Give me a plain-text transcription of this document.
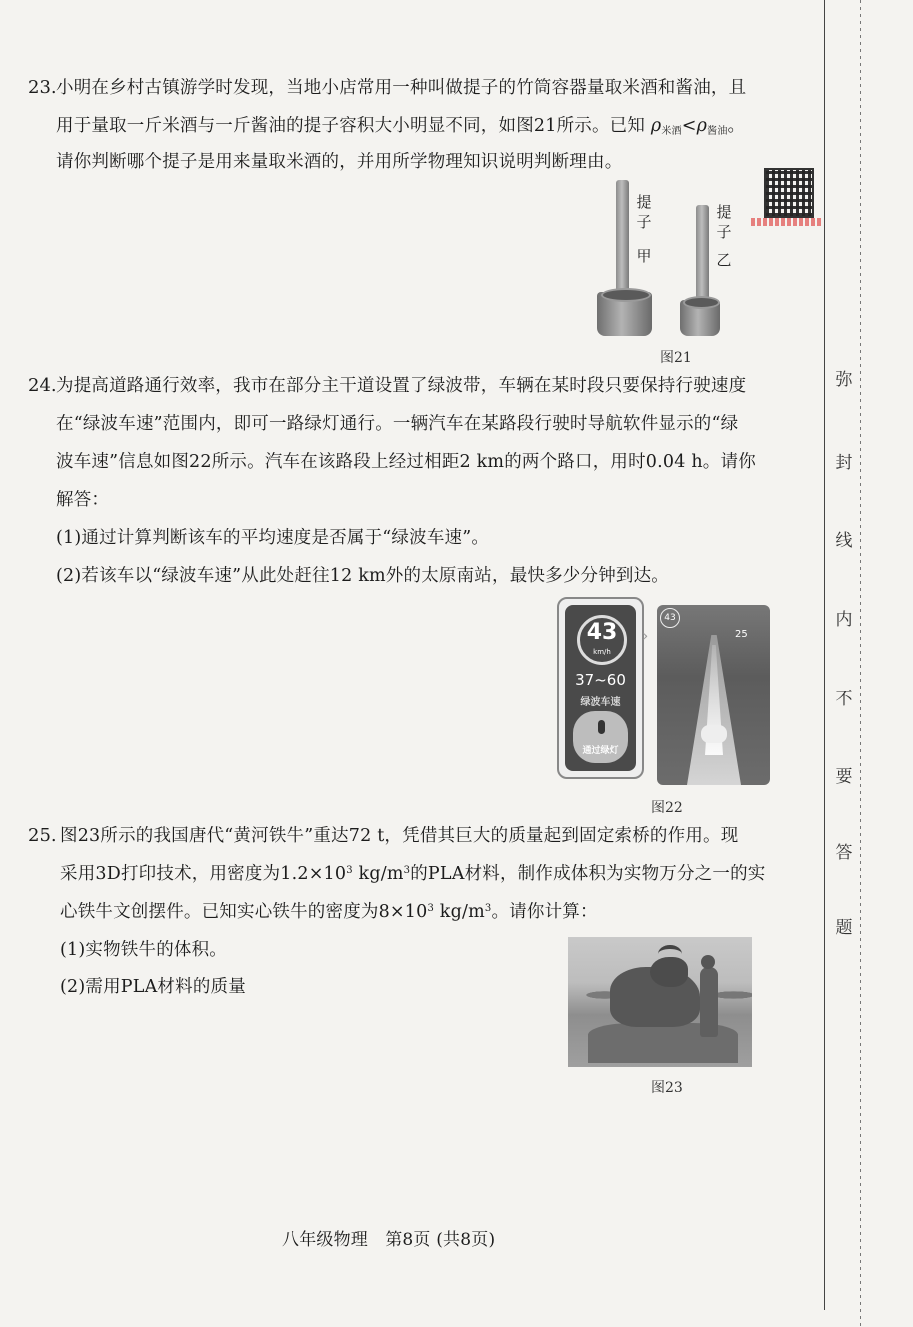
23. 小明在乡村古镇游学时发现，当地小店常用一种叫做提子的竹筒容器量取米酒和酱油，且
用于量取一斤米酒与一斤酱油的提子容积大小明显不同，如图21所示。已知 $\rho_{米酒}<\rho_{酱油}$。
请你判断哪个提子是用来量取米酒的，并用所学物理知识说明判断理由。
提
子
甲
提
子
乙
图21
24. 为提高道路通行效率，我市在部分主干道设置了绿波带，车辆在某时段只要保持行驶速度
在“绿波车速”范围内，即可一路绿灯通行。一辆汽车在某路段行驶时导航软件显示的“绿
波车速”信息如图22所示。汽车在该路段上经过相距2 km的两个路口，用时0.04 h。请你
解答：
(1)通过计算判断该车的平均速度是否属于“绿波车速”。
(2)若该车以“绿波车速”从此处赶往12 km外的太原南站，最快多少分钟到达。
43
km/h
37~60
绿波车速
通过绿灯
›
43
25
图22
25. 图23所示的我国唐代“黄河铁牛”重达72 t，凭借其巨大的质量起到固定索桥的作用。现
采用3D打印技术，用密度为$1.2\times 10^3$ $kg/m^3$的PLA材料，制作成体积为实物万分之一的实
心铁牛文创摆件。已知实心铁牛的密度为$8\times 10^3$ $kg/m^3$。请你计算：
(1)实物铁牛的体积。
(2)需用PLA材料的质量
图23
八年级物理　第8页 (共8页)
弥
封
线
内
不
要
答
题
